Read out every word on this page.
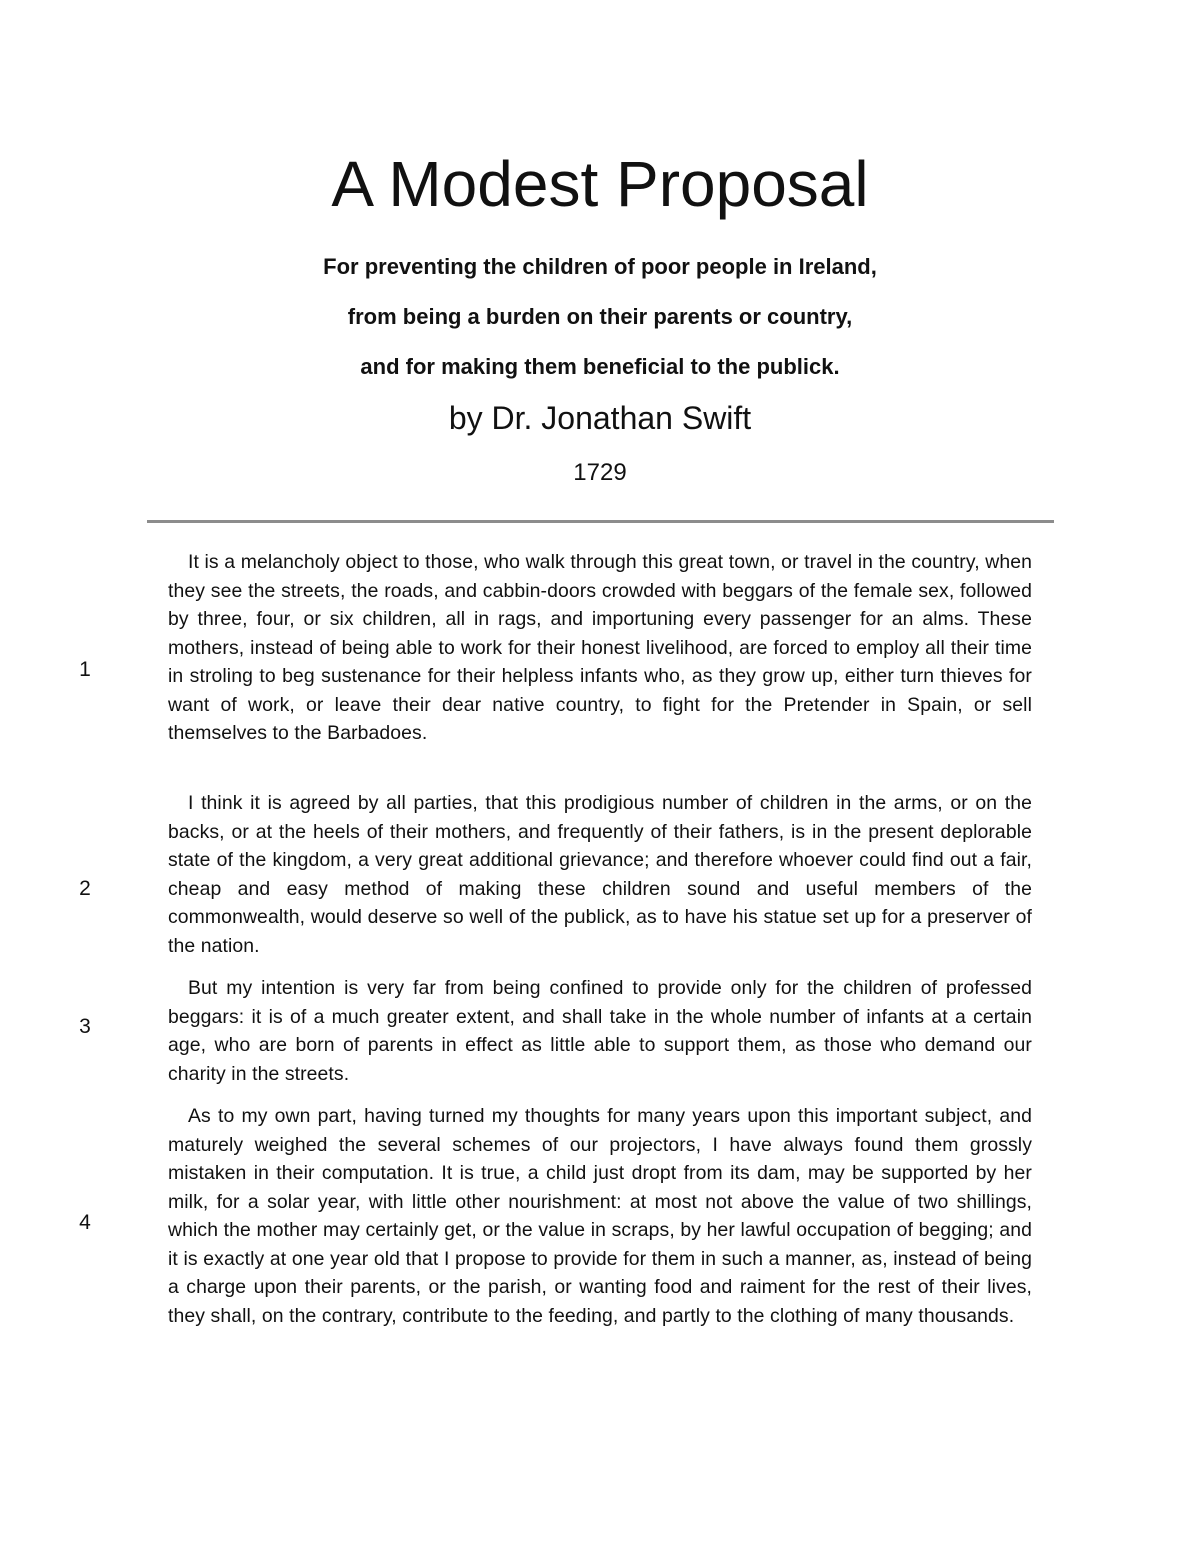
A Modest Proposal
For preventing the children of poor people in Ireland,
from being a burden on their parents or country,
and for making them beneficial to the publick.
by Dr. Jonathan Swift
1729
1

It is a melancholy object to those, who walk through this great town, or travel in the country, when they see the streets, the roads, and cabbin-doors crowded with beggars of the female sex, followed by three, four, or six children, all in rags, and importuning every passenger for an alms. These mothers, instead of being able to work for their honest livelihood, are forced to employ all their time in stroling to beg sustenance for their helpless infants who, as they grow up, either turn thieves for want of work, or leave their dear native country, to fight for the Pretender in Spain, or sell themselves to the Barbadoes.

2

I think it is agreed by all parties, that this prodigious number of children in the arms, or on the backs, or at the heels of their mothers, and frequently of their fathers, is in the present deplorable state of the kingdom, a very great additional grievance; and therefore whoever could find out a fair, cheap and easy method of making these children sound and useful members of the commonwealth, would deserve so well of the publick, as to have his statue set up for a preserver of the nation.

3

But my intention is very far from being confined to provide only for the children of professed beggars: it is of a much greater extent, and shall take in the whole number of infants at a certain age, who are born of parents in effect as little able to support them, as those who demand our charity in the streets.

4

As to my own part, having turned my thoughts for many years upon this important subject, and maturely weighed the several schemes of our projectors, I have always found them grossly mistaken in their computation. It is true, a child just dropt from its dam, may be supported by her milk, for a solar year, with little other nourishment: at most not above the value of two shillings, which the mother may certainly get, or the value in scraps, by her lawful occupation of begging; and it is exactly at one year old that I propose to provide for them in such a manner, as, instead of being a charge upon their parents, or the parish, or wanting food and raiment for the rest of their lives, they shall, on the contrary, contribute to the feeding, and partly to the clothing of many thousands.
